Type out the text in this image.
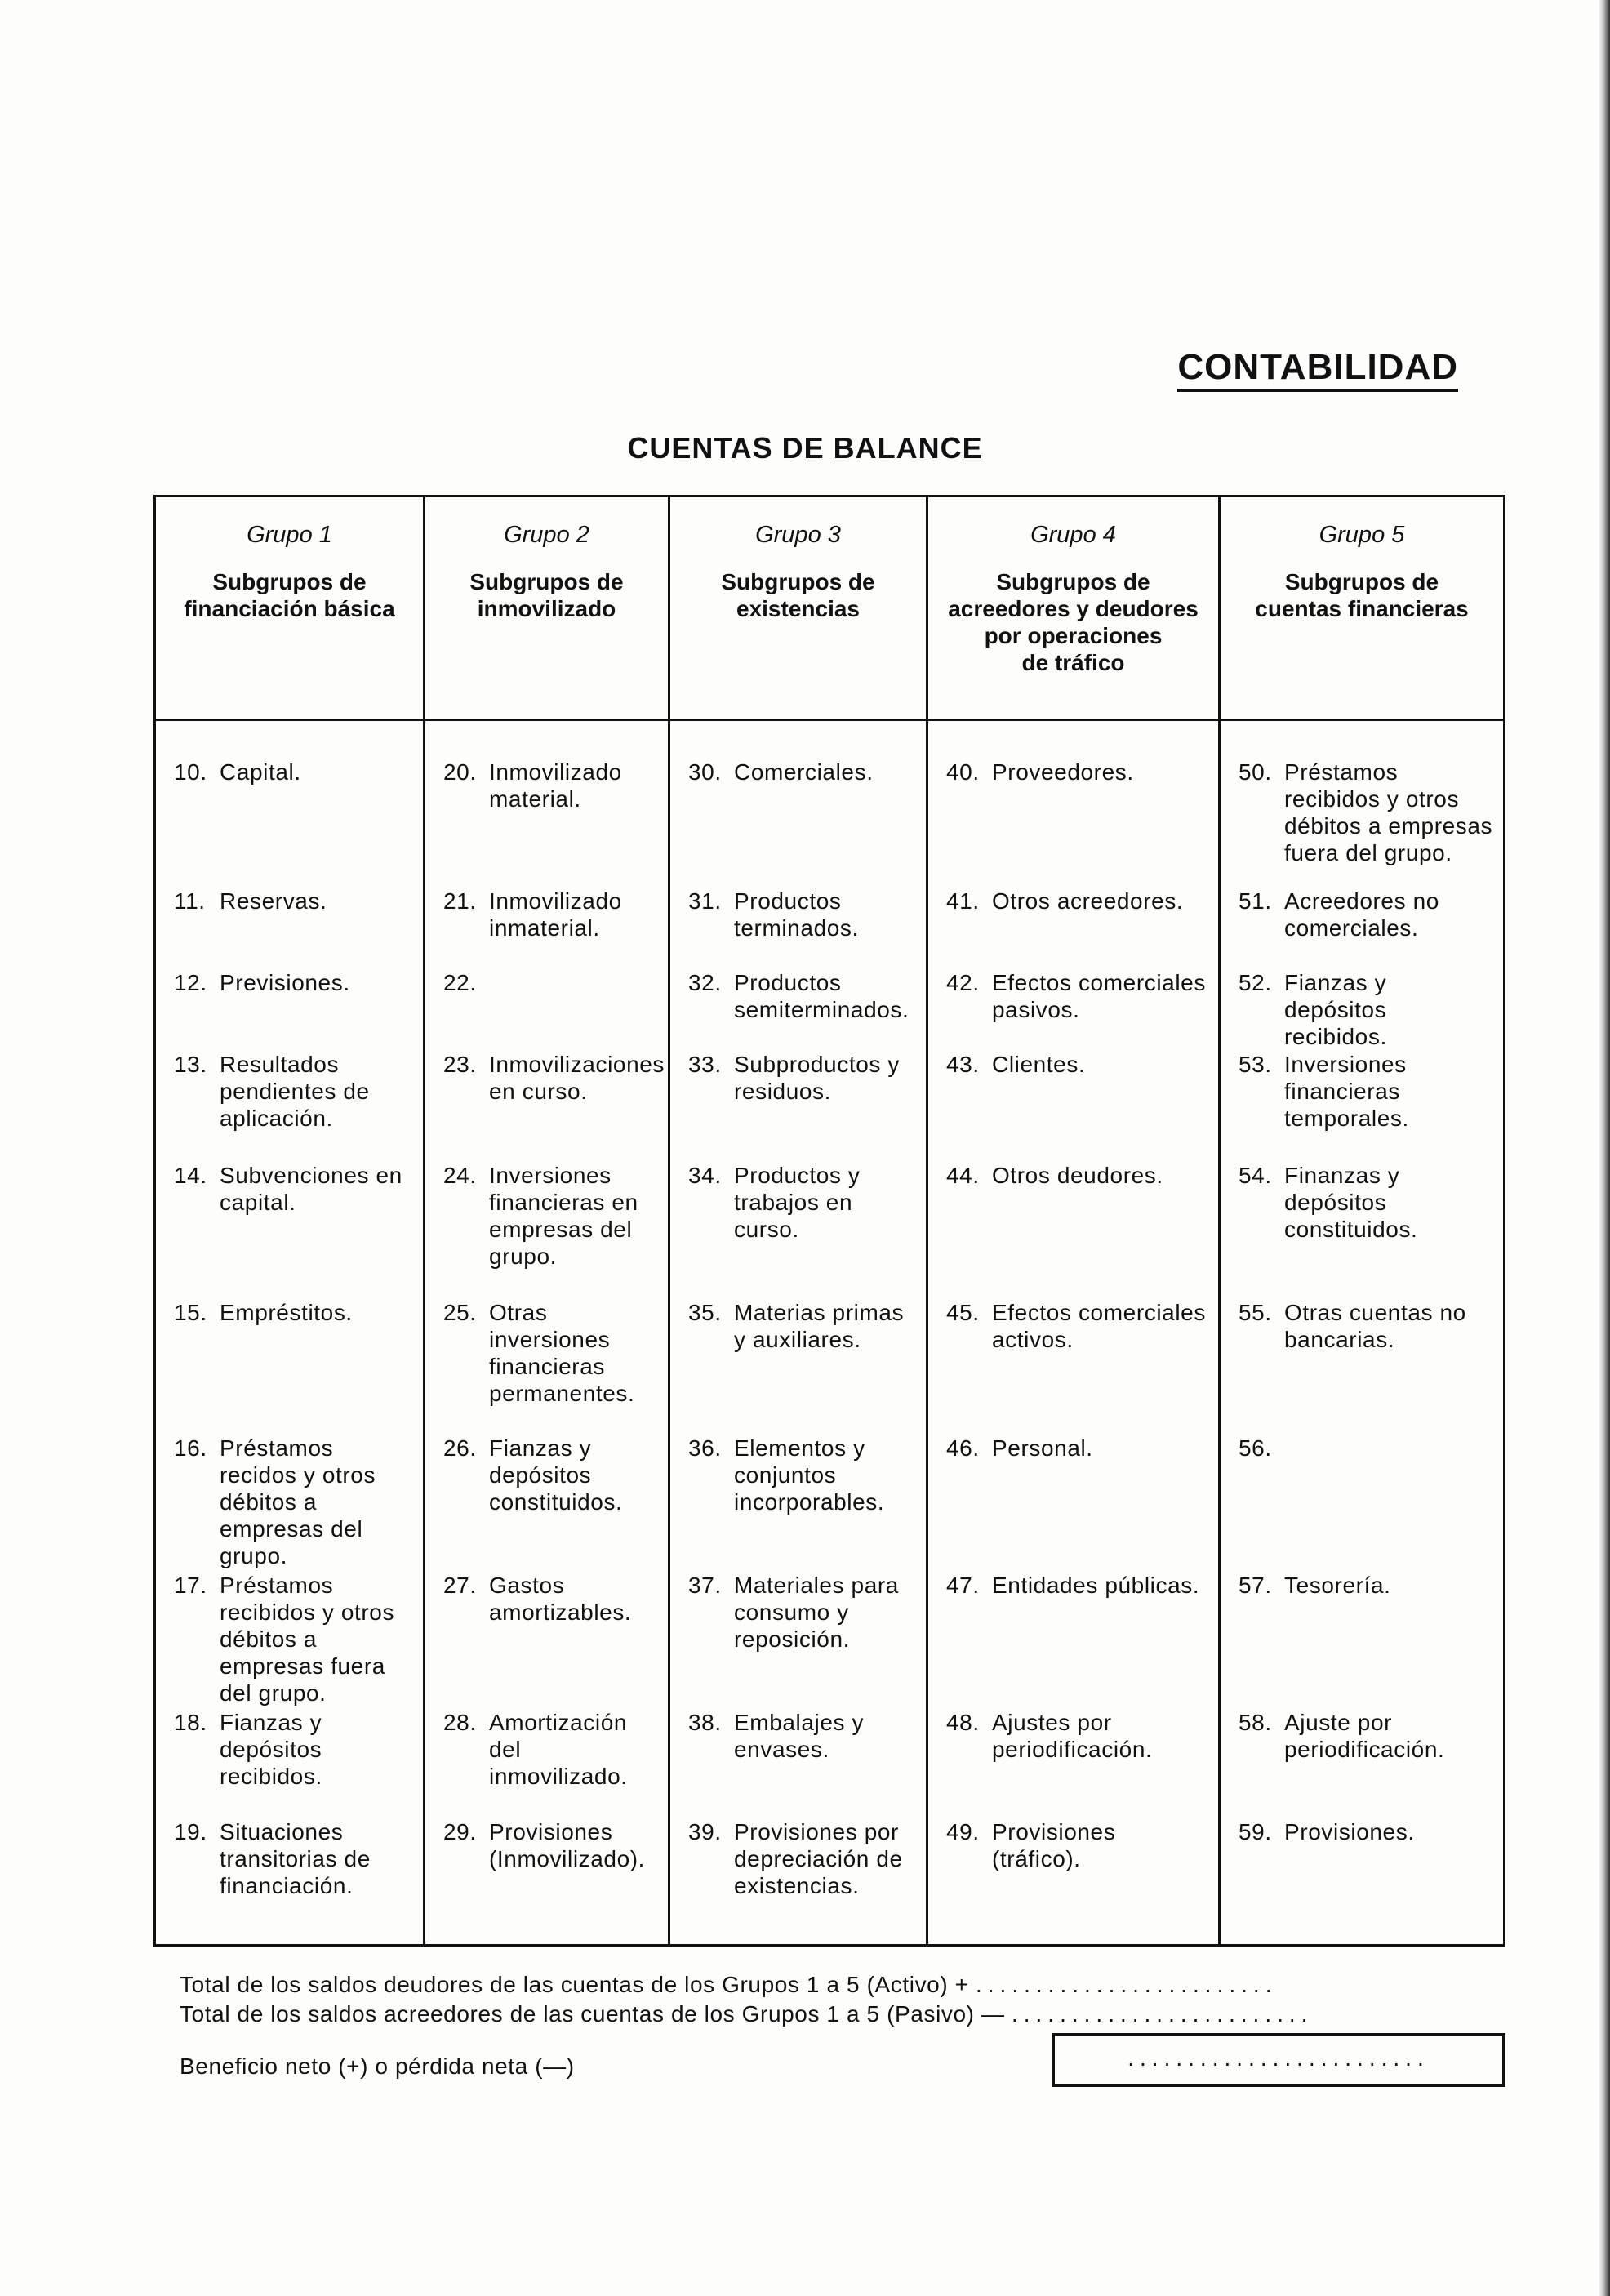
CONTABILIDAD
CUENTAS DE BALANCE
Grupo 1
Subgrupos de
financiación básica
10. Capital.
11. Reservas.
12. Previsiones.
13. Resultados pendientes de aplicación.
14. Subvenciones en capital.
15. Empréstitos.
16. Préstamos recidos y otros débitos a empresas del grupo.
17. Préstamos recibidos y otros débitos a empresas fuera del grupo.
18. Fianzas y depósitos recibidos.
19. Situaciones transitorias de financiación.
Grupo 2
Subgrupos de
inmovilizado
20. Inmovilizado material.
21. Inmovilizado inmaterial.
22.
23. Inmovilizaciones en curso.
24. Inversiones financieras en empresas del grupo.
25. Otras inversiones financieras permanentes.
26. Fianzas y depósitos constituidos.
27. Gastos amortizables.
28. Amortización del inmovilizado.
29. Provisiones (Inmovilizado).
Grupo 3
Subgrupos de
existencias
30. Comerciales.
31. Productos terminados.
32. Productos semiterminados.
33. Subproductos y residuos.
34. Productos y trabajos en curso.
35. Materias primas y auxiliares.
36. Elementos y conjuntos incorporables.
37. Materiales para consumo y reposición.
38. Embalajes y envases.
39. Provisiones por depreciación de existencias.
Grupo 4
Subgrupos de
acreedores y deudores
por operaciones
de tráfico
40. Proveedores.
41. Otros acreedores.
42. Efectos comerciales pasivos.
43. Clientes.
44. Otros deudores.
45. Efectos comerciales activos.
46. Personal.
47. Entidades públicas.
48. Ajustes por periodificación.
49. Provisiones (tráfico).
Grupo 5
Subgrupos de
cuentas financieras
50. Préstamos recibidos y otros débitos a empresas fuera del grupo.
51. Acreedores no comerciales.
52. Fianzas y depósitos recibidos.
53. Inversiones financieras temporales.
54. Finanzas y depósitos constituidos.
55. Otras cuentas no bancarias.
56.
57. Tesorería.
58. Ajuste por periodificación.
59. Provisiones.
Total de los saldos deudores de las cuentas de los Grupos 1 a 5 (Activo) + .........................
Total de los saldos acreedores de las cuentas de los Grupos 1 a 5 (Pasivo) — .........................
Beneficio neto (+) o pérdida neta (—)	.........................
